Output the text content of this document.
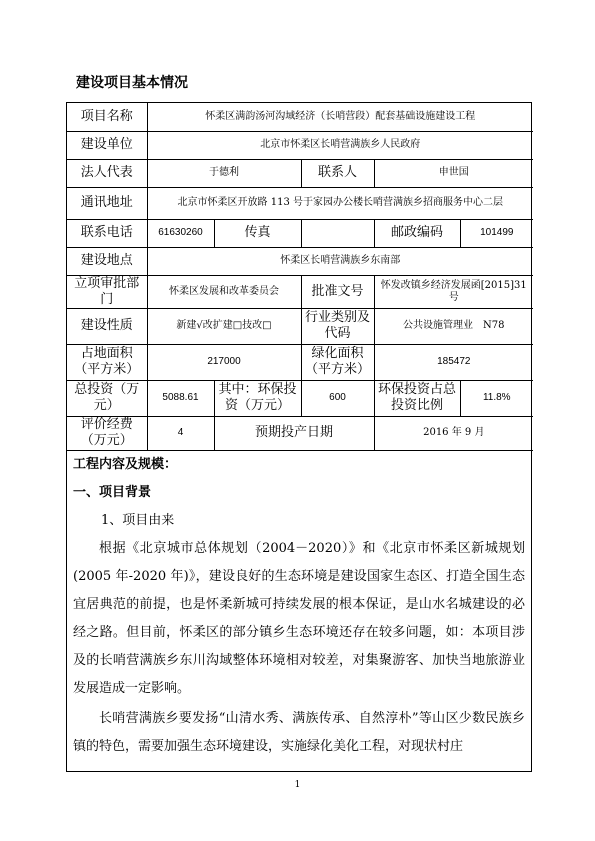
建设项目基本情况
项目名称	怀柔区满韵汤河沟域经济（长哨营段）配套基础设施建设工程				
建设单位	北京市怀柔区长哨营满族乡人民政府				
法人代表	于德利		联系人	申世国	
通讯地址	北京市怀柔区开放路 113 号于家园办公楼长哨营满族乡招商服务中心二层				
联系电话	61630260	传真		邮政编码	101499
建设地点	怀柔区长哨营满族乡东南部				
立项审批部门	怀柔区发展和改革委员会		批准文号	怀发改镇乡经济发展函[2015]31 号	
建设性质	新建√改扩建□技改□		行业类别及代码	公共设施管理业　N78	
占地面积（平方米）	217000		绿化面积（平方米）	185472	
总投资（万元）	5088.61	其中：环保投资（万元）	600	环保投资占总投资比例	11.8%
评价经费（万元）	4	预期投产日期		2016 年 9 月	
工程内容及规模：
一、项目背景
1、项目由来

根据《北京城市总体规划（2004－2020）》和《北京市怀柔区新城规划(2005 年-2020 年)》，建设良好的生态环境是建设国家生态区、打造全国生态宜居典范的前提，也是怀柔新城可持续发展的根本保证，是山水名城建设的必经之路。但目前，怀柔区的部分镇乡生态环境还存在较多问题，如：本项目涉及的长哨营满族乡东川沟域整体环境相对较差，对集聚游客、加快当地旅游业发展造成一定影响。

长哨营满族乡要发扬“山清水秀、满族传承、自然淳朴”等山区少数民族乡镇的特色，需要加强生态环境建设，实施绿化美化工程，对现状村庄

1
